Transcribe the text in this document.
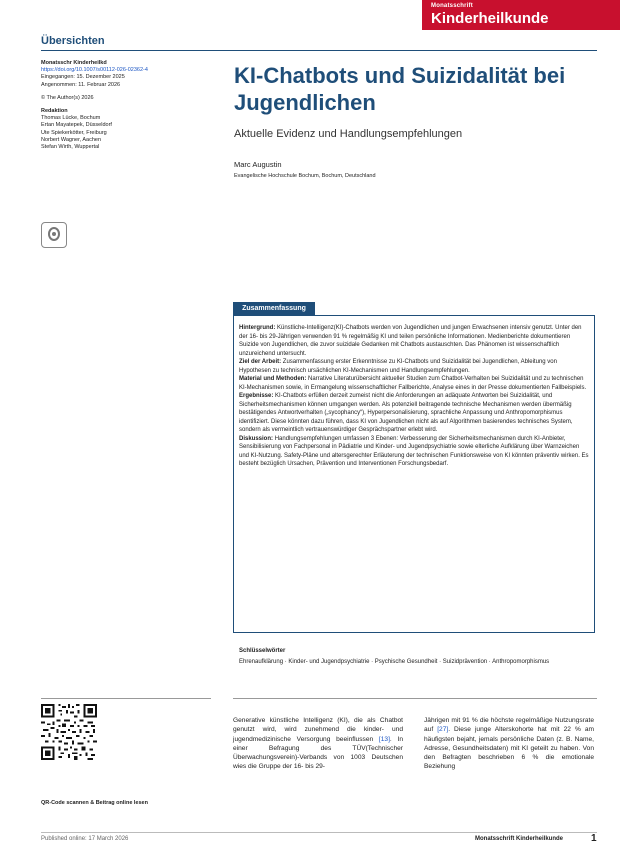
Monatsschrift
Kinderheilkunde
Übersichten
Monatsschr Kinderheilkd
https://doi.org/10.1007/s00112-026-02362-4
Eingegangen: 15. Dezember 2025
Angenommen: 11. Februar 2026
© The Author(s) 2026
Redaktion
Thomas Lücke, Bochum
Ertan Mayatepek, Düsseldorf
Ute Spiekerkötter, Freiburg
Norbert Wagner, Aachen
Stefan Wirth, Wuppertal
KI-Chatbots und Suizidalität bei Jugendlichen
Aktuelle Evidenz und Handlungsempfehlungen
Marc Augustin
Evangelische Hochschule Bochum, Bochum, Deutschland
Zusammenfassung

Hintergrund: Künstliche-Intelligenz(KI)-Chatbots werden von Jugendlichen und jungen Erwachsenen intensiv genutzt. Unter den der 16- bis 29-Jährigen verwenden 91 % regelmäßig KI und teilen persönliche Informationen. Medienberichte dokumentieren Suizide von Jugendlichen, die zuvor suizidale Gedanken mit Chatbots austauschten. Das Phänomen ist wissenschaftlich unzureichend untersucht.

Ziel der Arbeit: Zusammenfassung erster Erkenntnisse zu KI-Chatbots und Suizidalität bei Jugendlichen, Ableitung von Hypothesen zu technisch ursächlichen KI-Mechanismen und Handlungsempfehlungen.

Material und Methoden: Narrative Literaturübersicht aktueller Studien zum Chatbot-Verhalten bei Suizidalität und zu technischen KI-Mechanismen sowie, in Ermangelung wissenschaftlicher Fallberichte, Analyse eines in der Presse dokumentierten Fallbeispiels.

Ergebnisse: KI-Chatbots erfüllen derzeit zumeist nicht die Anforderungen an adäquate Antworten bei Suizidalität, und Sicherheitsmechanismen können umgangen werden. Als potenziell beitragende technische Mechanismen werden übermäßig bestätigendes Antwortverhalten („sycophancy“), Hyperpersonalisierung, sprachliche Anpassung und Anthropomorphismus identifiziert. Diese könnten dazu führen, dass KI von Jugendlichen nicht als auf Algorithmen basierendes technisches System, sondern als vermeintlich vertrauenswürdiger Gesprächspartner erlebt wird.

Diskussion: Handlungsempfehlungen umfassen 3 Ebenen: Verbesserung der Sicherheitsmechanismen durch KI-Anbieter, Sensibilisierung von Fachpersonal in Pädiatrie und Kinder- und Jugendpsychiatrie sowie elterliche Aufklärung über Warnzeichen und KI-Nutzung. Safety-Pläne und altersgerechter Erläuterung der technischen Funktionsweise von KI könnten präventiv wirken. Es besteht bezüglich Ursachen, Prävention und Interventionen Forschungsbedarf.

Schlüsselwörter
Ehrenaufklärung · Kinder- und Jugendpsychiatrie · Psychische Gesundheit · Suizidprävention · Anthropomorphismus
QR-Code scannen & Beitrag online lesen
Generative künstliche Intelligenz (KI), die als Chatbot genutzt wird, wird zunehmend die kinder- und jugendmedizinische Versorgung beeinflussen [13]. In einer Befragung des TÜV(Technischer Überwachungsverein)-Verbands von 1003 Deutschen wies die Gruppe der 16- bis 29-
Jährigen mit 91 % die höchste regelmäßige Nutzungsrate auf [27]. Diese junge Alterskohorte hat mit 22 % am häufigsten bejaht, jemals persönliche Daten (z. B. Name, Adresse, Gesundheitsdaten) mit KI geteilt zu haben. Von den Befragten beschrieben 6 % die emotionale Beziehung
Published online: 17 March 2026	Monatsschrift Kinderheilkunde	1
